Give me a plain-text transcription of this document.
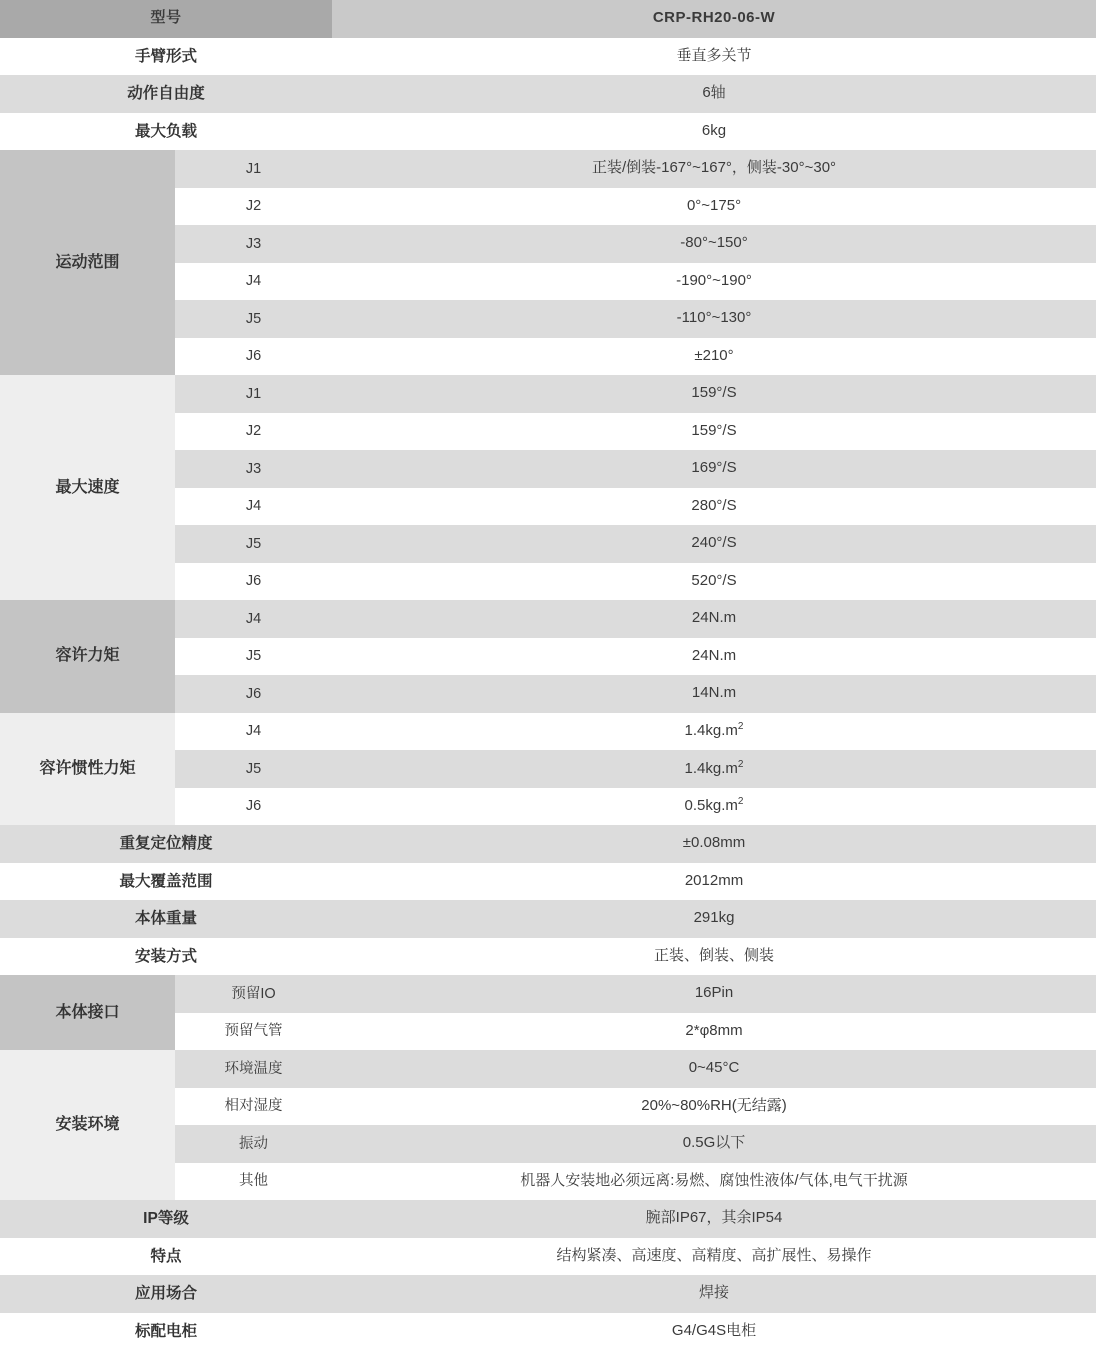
型号		CRP-RH20-06-W
手臂形式		垂直多关节
动作自由度		6轴
最大负载		6kg
运动范围	J1	正装/倒装-167°~167°，侧装-30°~30°
	J2	0°~175°
	J3	-80°~150°
	J4	-190°~190°
	J5	-110°~130°
	J6	±210°
最大速度	J1	159°/S
	J2	159°/S
	J3	169°/S
	J4	280°/S
	J5	240°/S
	J6	520°/S
容许力矩	J4	24N.m
	J5	24N.m
	J6	14N.m
容许惯性力矩	J4	$1.4kg.m^2$
	J5	$1.4kg.m^2$
	J6	$0.5kg.m^2$
重复定位精度		±0.08mm
最大覆盖范围		2012mm
本体重量		291kg
安装方式		正装、倒装、侧装
本体接口	预留IO	16Pin
	预留气管	2*φ8mm
安装环境	环境温度	0~45°C
	相对湿度	20%~80%RH(无结露)
	振动	0.5G以下
	其他	机器人安装地必须远离:易燃、腐蚀性液体/气体,电气干扰源
IP等级		腕部IP67，其余IP54
特点		结构紧凑、高速度、高精度、高扩展性、易操作
应用场合		焊接
标配电柜		G4/G4S电柜
